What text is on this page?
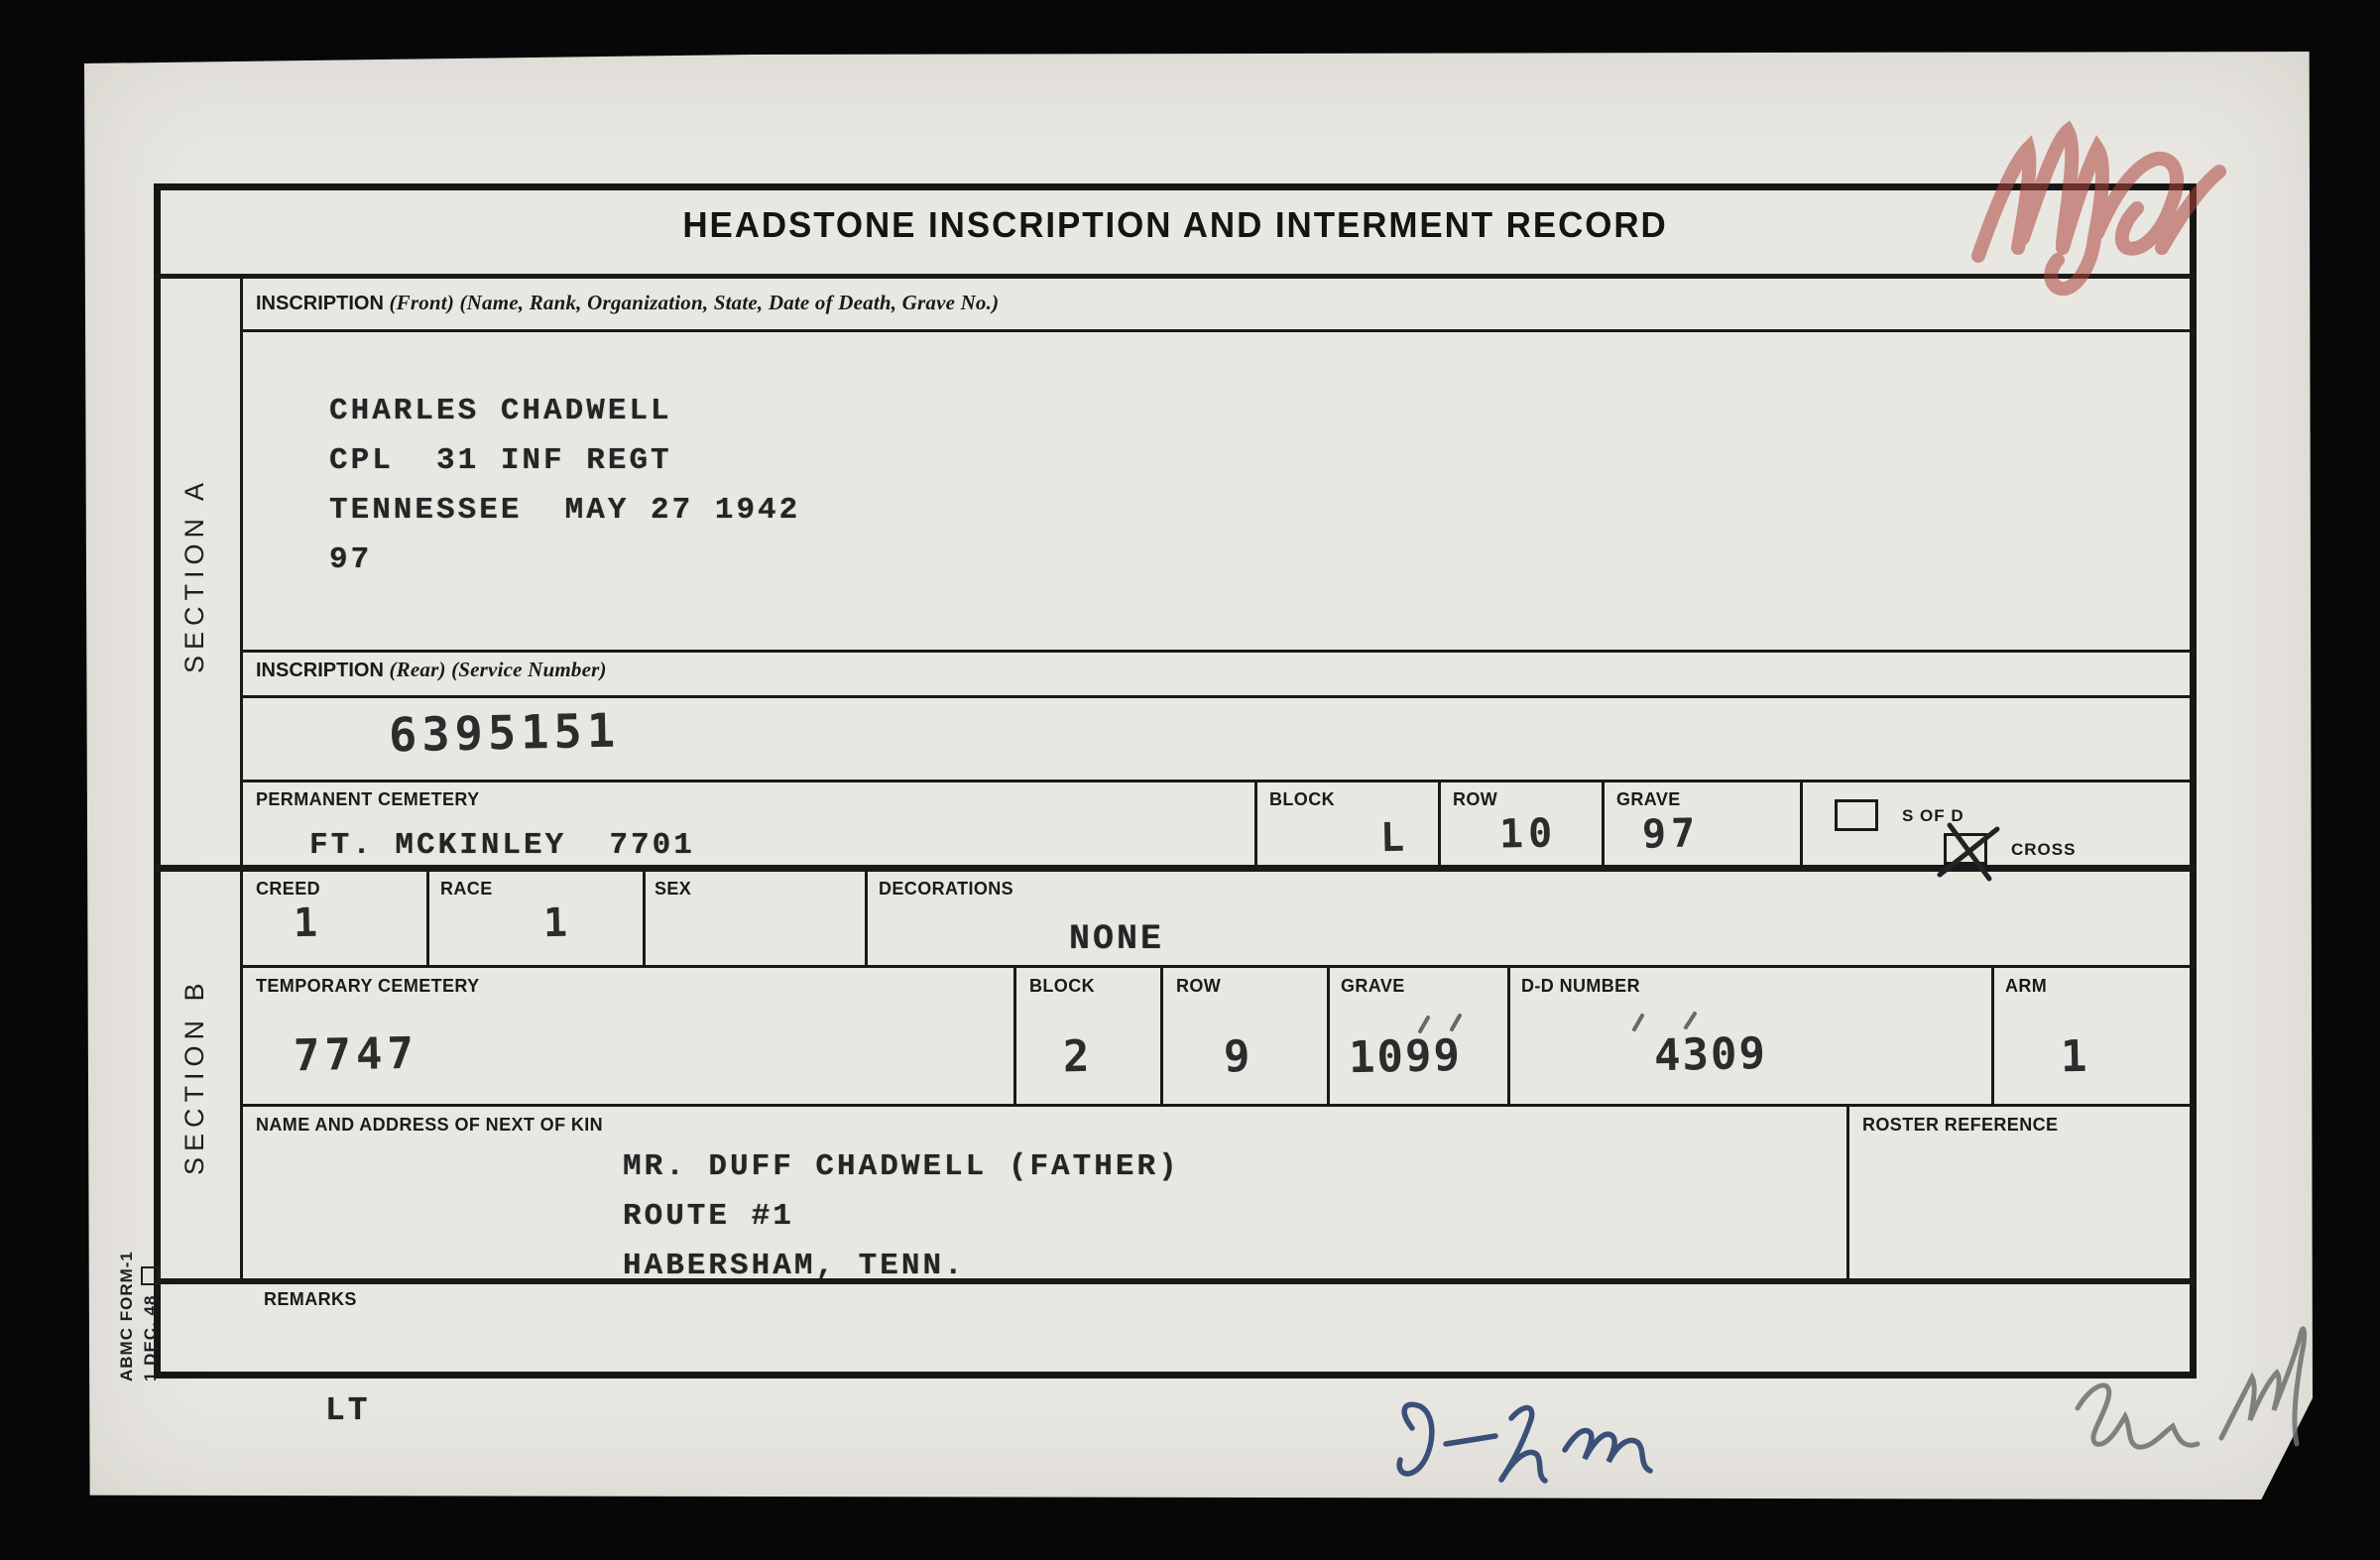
HEADSTONE INSCRIPTION AND INTERMENT RECORD
SECTION A
SECTION B
INSCRIPTION (Front) (Name, Rank, Organization, State, Date of Death, Grave No.)
CHARLES CHADWELL
CPL  31 INF REGT
TENNESSEE  MAY 27 1942
97
INSCRIPTION (Rear) (Service Number)
6395151
PERMANENT CEMETERY
FT. MCKINLEY  7701
BLOCK
L
ROW
10
GRAVE
97	S OF D
CROSS
CREED
1
RACE
1
SEX	DECORATIONS
NONE
TEMPORARY CEMETERY
7747
BLOCK
2
ROW
9
GRAVE
1099
D-D NUMBER
4309
ARM
1
NAME AND ADDRESS OF NEXT OF KIN
MR. DUFF CHADWELL (FATHER)
ROUTE #1
HABERSHAM, TENN.
ROSTER REFERENCE
REMARKS
LT
ABMC FORM-1 1 DEC. 48
